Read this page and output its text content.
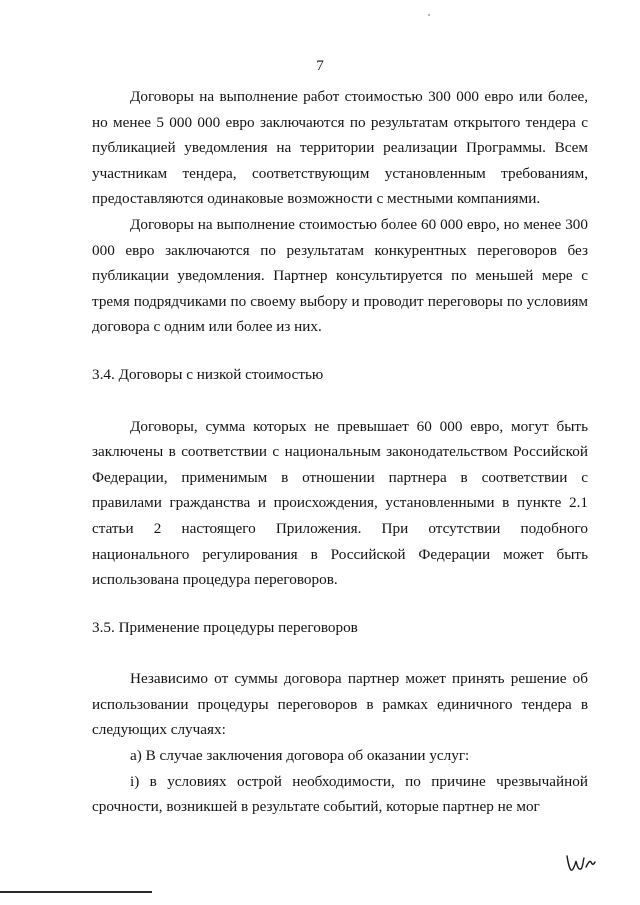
7

Договоры на выполнение работ стоимостью 300 000 евро или более, но менее 5 000 000 евро заключаются по результатам открытого тендера с публикацией уведомления на территории реализации Программы. Всем участникам тендера, соответствующим установленным требованиям, предоставляются одинаковые возможности с местными компаниями.

Договоры на выполнение стоимостью более 60 000 евро, но менее 300 000 евро заключаются по результатам конкурентных переговоров без публикации уведомления. Партнер консультируется по меньшей мере с тремя подрядчиками по своему выбору и проводит переговоры по условиям договора с одним или более из них.

3.4. Договоры с низкой стоимостью

Договоры, сумма которых не превышает 60 000 евро, могут быть заключены в соответствии с национальным законодательством Российской Федерации, применимым в отношении партнера в соответствии с правилами гражданства и происхождения, установленными в пункте 2.1 статьи 2 настоящего Приложения. При отсутствии подобного национального регулирования в Российской Федерации может быть использована процедура переговоров.

3.5. Применение процедуры переговоров

Независимо от суммы договора партнер может принять решение об использовании процедуры переговоров в рамках единичного тендера в следующих случаях:

а) В случае заключения договора об оказании услуг:

i) в условиях острой необходимости, по причине чрезвычайной срочности, возникшей в результате событий, которые партнер не мог
